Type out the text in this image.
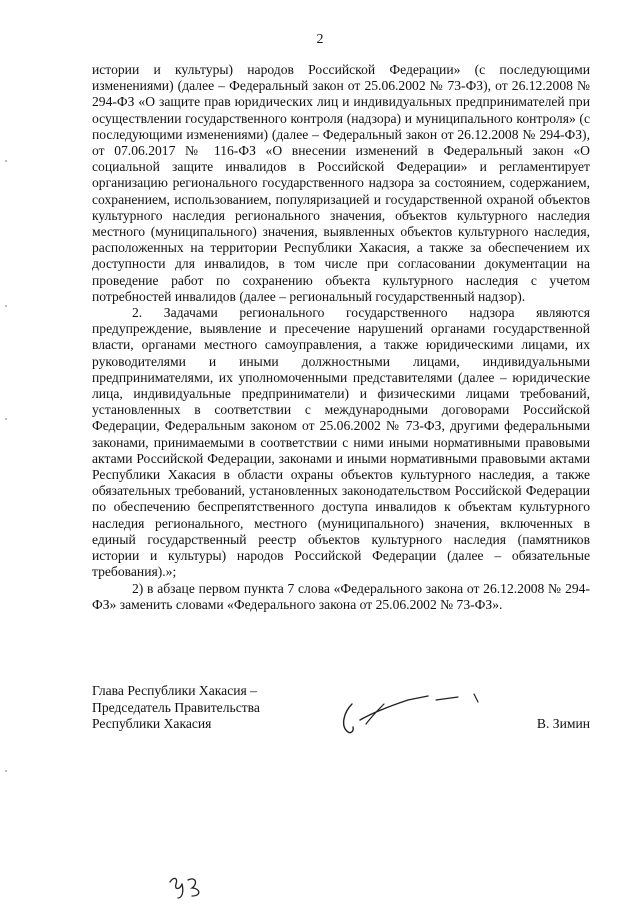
2

истории и культуры) народов Российской Федерации» (с последующими изменениями) (далее – Федеральный закон от 25.06.2002 № 73-ФЗ), от 26.12.2008 № 294-ФЗ «О защите прав юридических лиц и индивидуальных предпринимателей при осуществлении государственного контроля (надзора) и муниципального контроля» (с последующими изменениями) (далее – Федеральный закон от 26.12.2008 № 294-ФЗ), от 07.06.2017 № 116-ФЗ «О внесении изменений в Федеральный закон «О социальной защите инвалидов в Российской Федерации» и регламентирует организацию регионального государственного надзора за состоянием, содержанием, сохранением, использованием, популяризацией и государственной охраной объектов культурного наследия регионального значения, объектов культурного наследия местного (муниципального) значения, выявленных объектов культурного наследия, расположенных на территории Республики Хакасия, а также за обеспечением их доступности для инвалидов, в том числе при согласовании документации на проведение работ по сохранению объекта культурного наследия с учетом потребностей инвалидов (далее – региональный государственный надзор).

2. Задачами регионального государственного надзора являются предупреждение, выявление и пресечение нарушений органами государственной власти, органами местного самоуправления, а также юридическими лицами, их руководителями и иными должностными лицами, индивидуальными предпринимателями, их уполномоченными представителями (далее – юридические лица, индивидуальные предприниматели) и физическими лицами требований, установленных в соответствии с международными договорами Российской Федерации, Федеральным законом от 25.06.2002 № 73-ФЗ, другими федеральными законами, принимаемыми в соответствии с ними иными нормативными правовыми актами Российской Федерации, законами и иными нормативными правовыми актами Республики Хакасия в области охраны объектов культурного наследия, а также обязательных требований, установленных законодательством Российской Федерации по обеспечению беспрепятственного доступа инвалидов к объектам культурного наследия регионального, местного (муниципального) значения, включенных в единый государственный реестр объектов культурного наследия (памятников истории и культуры) народов Российской Федерации (далее – обязательные требования).»;

2) в абзаце первом пункта 7 слова «Федерального закона от 26.12.2008 № 294-ФЗ» заменить словами «Федерального закона от 25.06.2002 № 73-ФЗ».

Глава Республики Хакасия –
Председатель Правительства
Республики Хакасия	В. Зимин
